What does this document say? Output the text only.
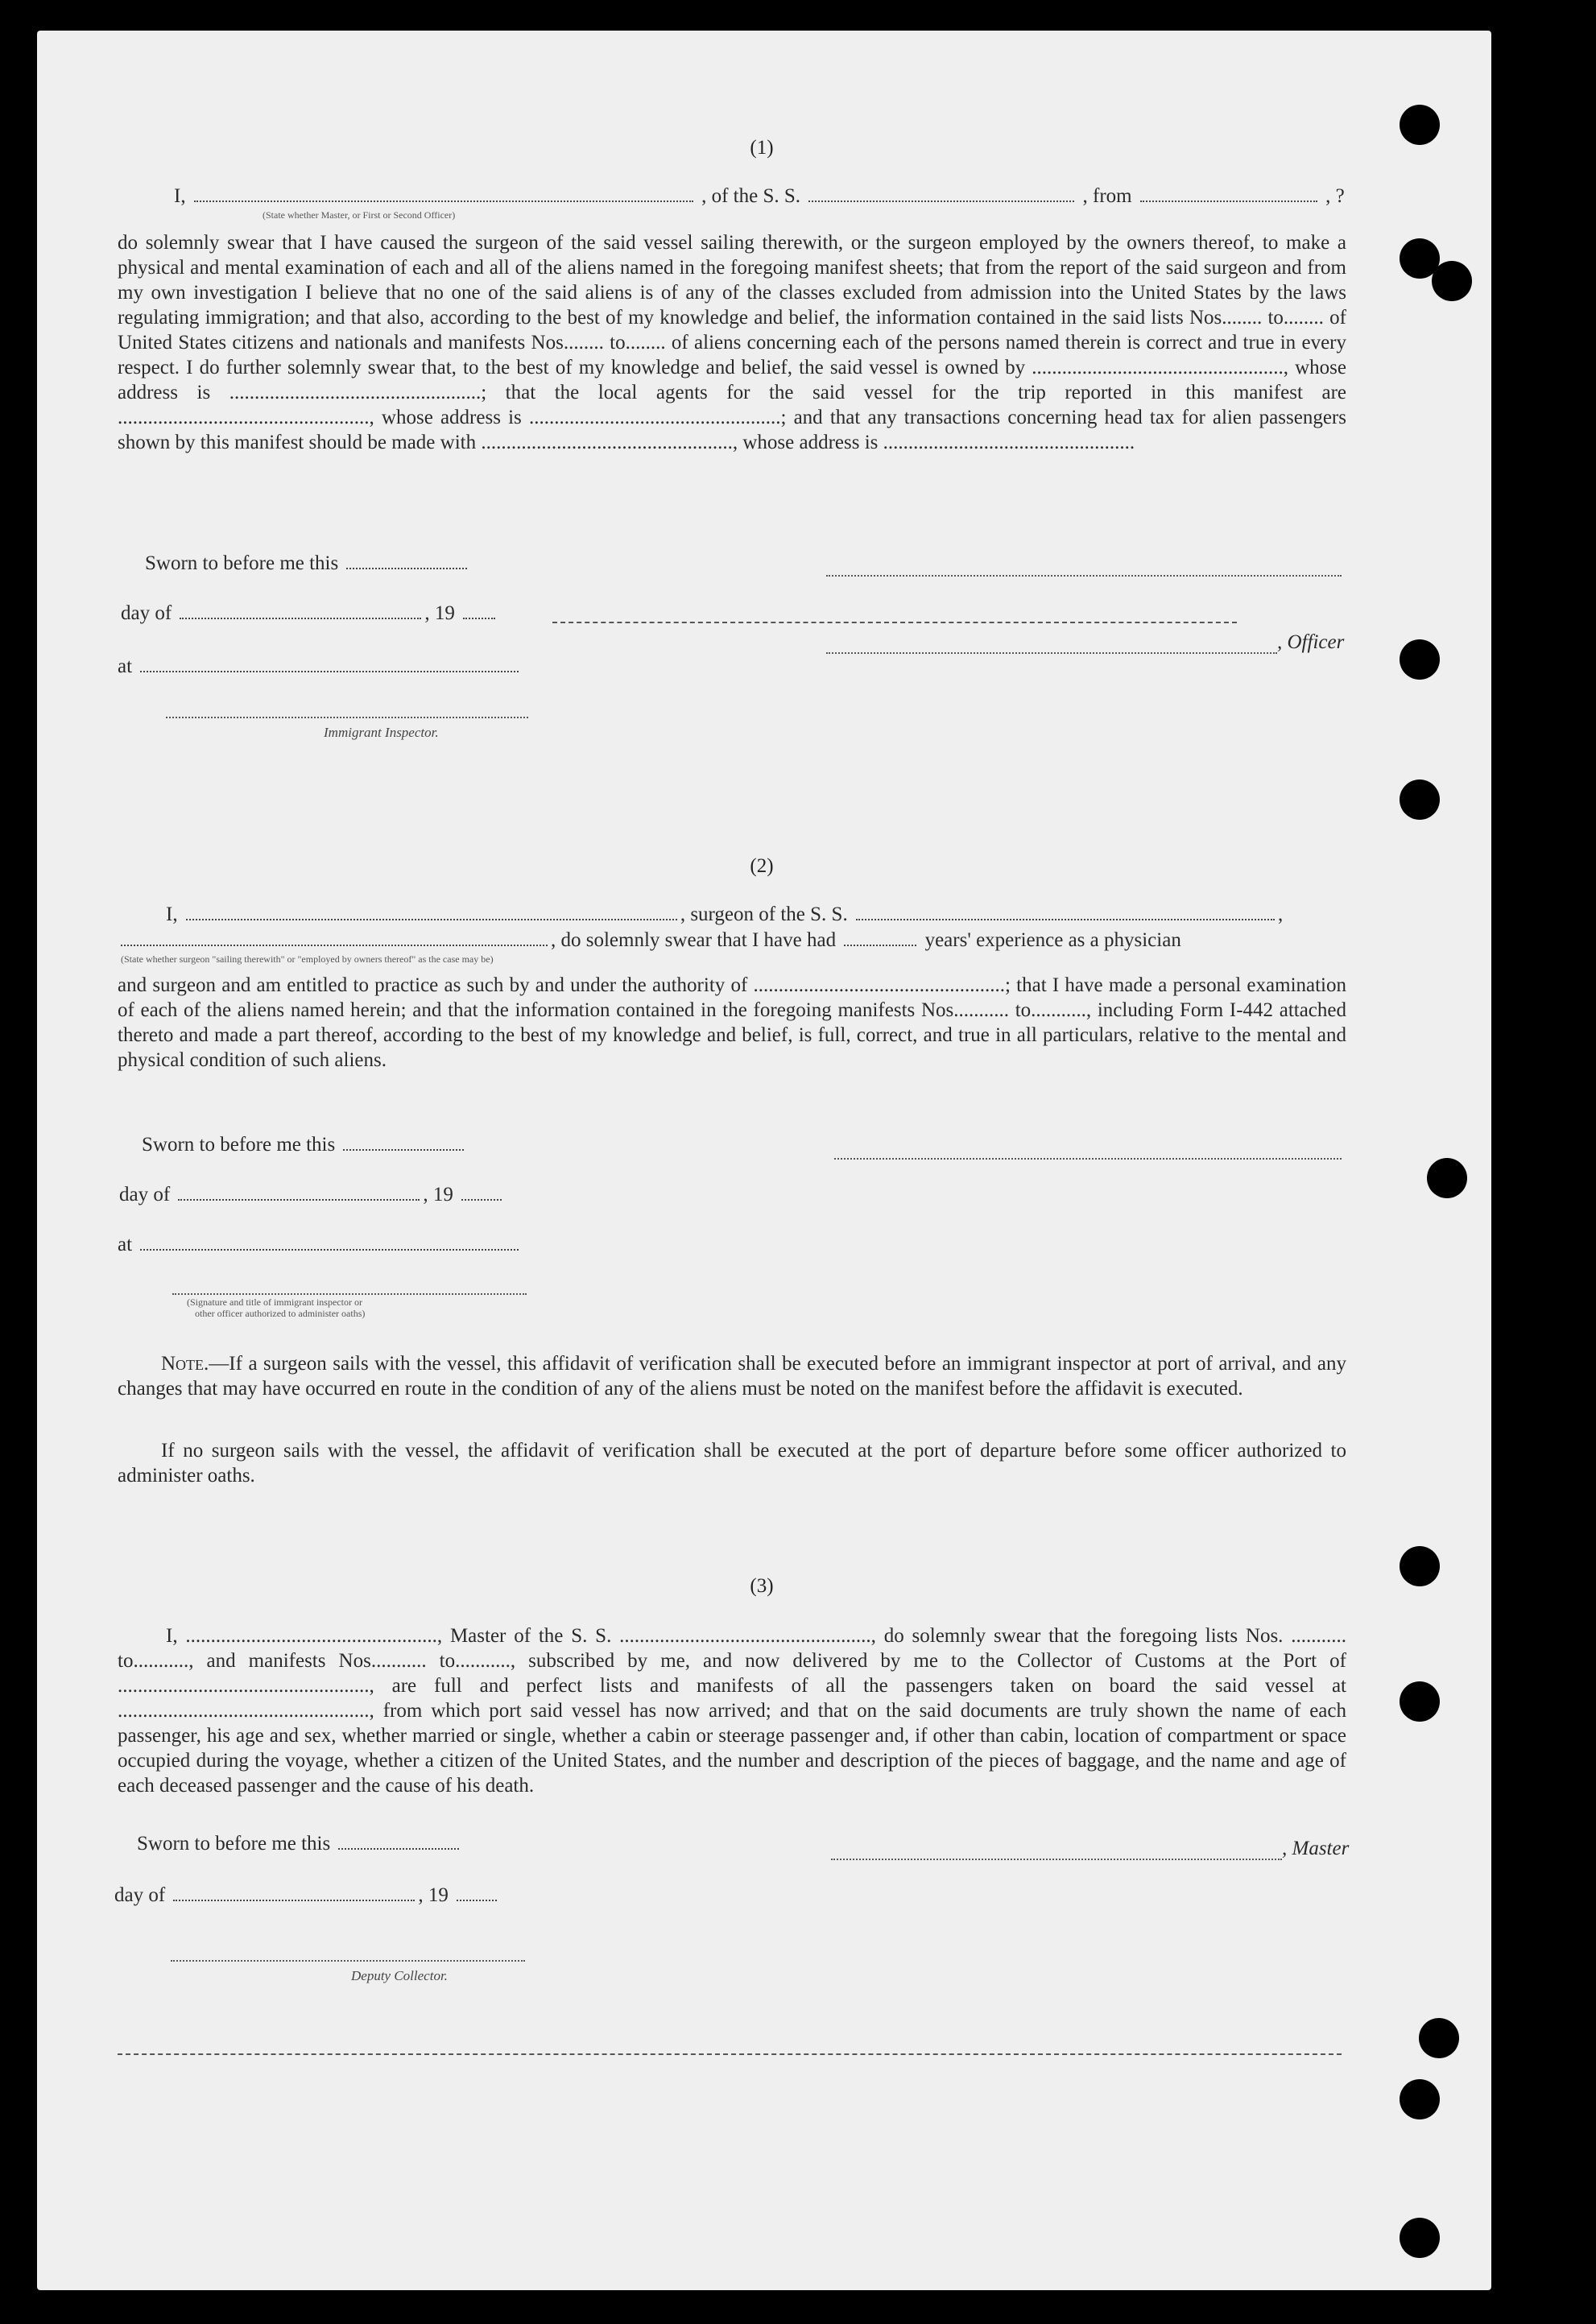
(1)
I,	, of the S. S.	, from	, ?
(State whether Master, or First or Second Officer)
do solemnly swear that I have caused the surgeon of the said vessel sailing therewith, or the surgeon employed by the owners thereof, to make a physical and mental examination of each and all of the aliens named in the foregoing manifest sheets; that from the report of the said surgeon and from my own investigation I believe that no one of the said aliens is of any of the classes excluded from admission into the United States by the laws regulating immigration; and that also, according to the best of my knowledge and belief, the information contained in the said lists Nos........ to........ of United States citizens and nationals and manifests Nos........ to........ of aliens concerning each of the persons named therein is correct and true in every respect. I do further solemnly swear that, to the best of my knowledge and belief, the said vessel is owned by .................................................., whose address is ..................................................; that the local agents for the said vessel for the trip reported in this manifest are .................................................., whose address is ..................................................; and that any transactions concerning head tax for alien passengers shown by this manifest should be made with .................................................., whose address is ..................................................
Sworn to before me this
day of	, 19
, Officer
at
Immigrant Inspector.
(2)
I,	, surgeon of the S. S.	,
, do solemnly swear that I have had	years' experience as a physician
(State whether surgeon "sailing therewith" or "employed by owners thereof" as the case may be)
and surgeon and am entitled to practice as such by and under the authority of ..................................................; that I have made a personal examination of each of the aliens named herein; and that the information contained in the foregoing manifests Nos........... to..........., including Form I-442 attached thereto and made a part thereof, according to the best of my knowledge and belief, is full, correct, and true in all particulars, relative to the mental and physical condition of such aliens.
Sworn to before me this
day of	, 19
at
(Signature and title of immigrant inspector or
other officer authorized to administer oaths)
Note.—If a surgeon sails with the vessel, this affidavit of verification shall be executed before an immigrant inspector at port of arrival, and any changes that may have occurred en route in the condition of any of the aliens must be noted on the manifest before the affidavit is executed.
If no surgeon sails with the vessel, the affidavit of verification shall be executed at the port of departure before some officer authorized to administer oaths.
(3)
I, .................................................., Master of the S. S. .................................................., do solemnly swear that the foregoing lists Nos. ........... to..........., and manifests Nos........... to..........., subscribed by me, and now delivered by me to the Collector of Customs at the Port of .................................................., are full and perfect lists and manifests of all the passengers taken on board the said vessel at .................................................., from which port said vessel has now arrived; and that on the said documents are truly shown the name of each passenger, his age and sex, whether married or single, whether a cabin or steerage passenger and, if other than cabin, location of compartment or space occupied during the voyage, whether a citizen of the United States, and the number and description of the pieces of baggage, and the name and age of each deceased passenger and the cause of his death.
Sworn to before me this	, Master
day of	, 19
Deputy Collector.
